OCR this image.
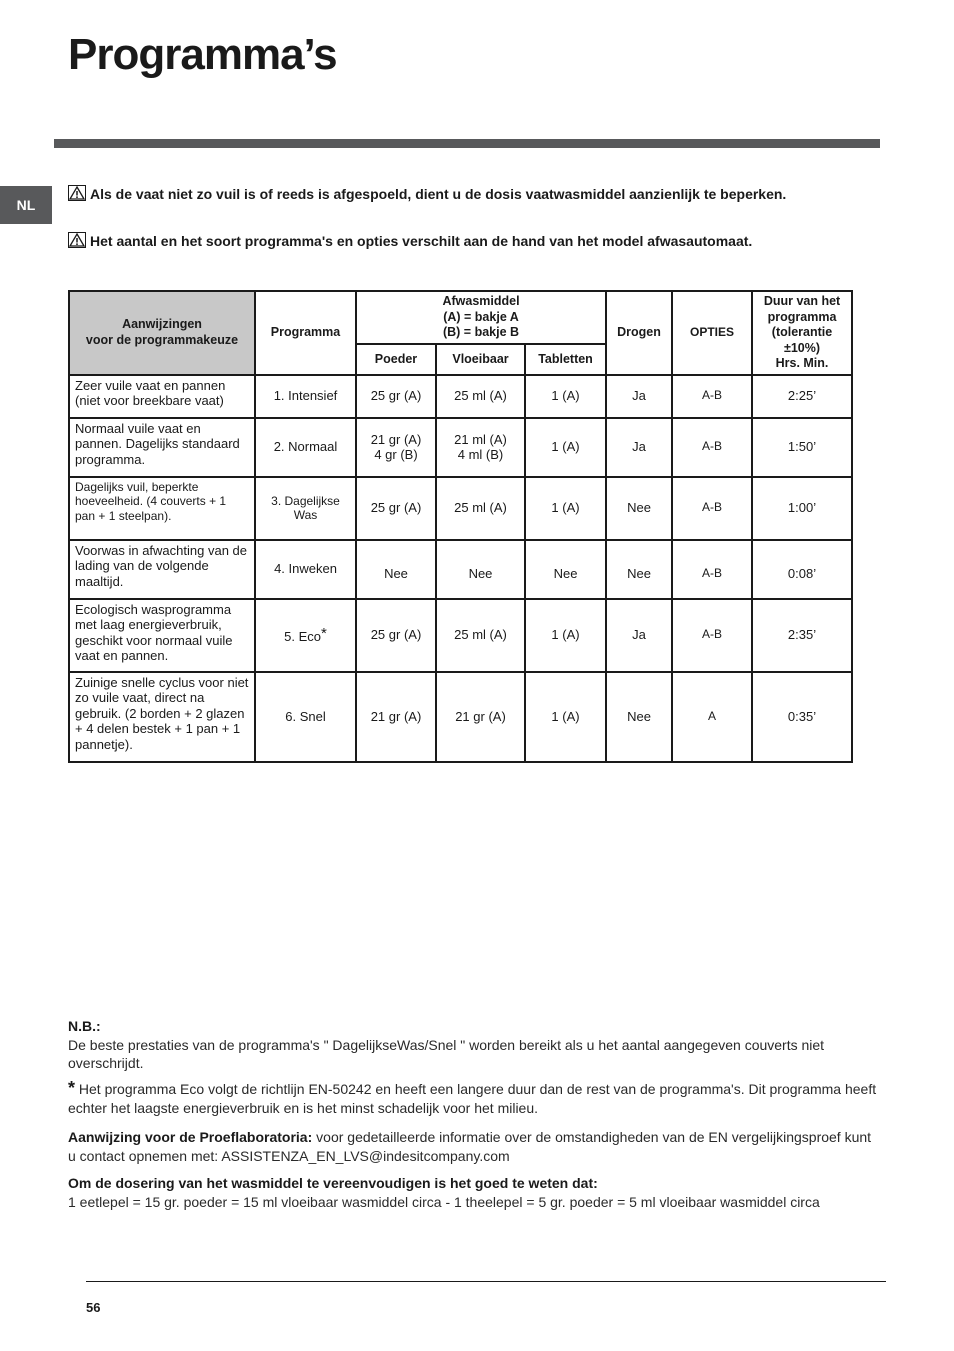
Programma’s
NL
Als de vaat niet zo vuil is of reeds is afgespoeld, dient u de dosis vaatwasmiddel aanzienlijk te beperken.
Het aantal en het soort programma's en opties verschilt aan de hand van het model afwasautomaat.
Aanwijzingen
voor de programmakeuze	Programma	Afwasmiddel
(A) = bakje A
(B) = bakje B			Drogen	OPTIES	Duur van het
programma
(tolerantie
±10%)
Hrs. Min.
		Poeder	Vloeibaar	Tabletten			
Zeer vuile vaat en pannen (niet voor breekbare vaat)	1. Intensief	25 gr (A)	25 ml (A)	1 (A)	Ja	A-B	2:25’
Normaal vuile vaat en pannen. Dagelijks standaard programma.	2. Normaal	21 gr (A)
4 gr (B)	21 ml (A)
4 ml (B)	1 (A)	Ja	A-B	1:50’
Dagelijks vuil, beperkte hoeveelheid. (4 couverts + 1 pan + 1 steelpan).	3. Dagelijkse
Was	25 gr (A)	25 ml (A)	1 (A)	Nee	A-B	1:00’
Voorwas in afwachting van de lading van de volgende maaltijd.	4. Inweken	Nee	Nee	Nee	Nee	A-B	0:08’
Ecologisch wasprogramma met laag energieverbruik, geschikt voor normaal vuile vaat en pannen.	5. Eco*	25 gr (A)	25 ml (A)	1 (A)	Ja	A-B	2:35’
Zuinige snelle cyclus voor niet zo vuile vaat, direct na gebruik. (2 borden + 2 glazen + 4 delen bestek + 1 pan + 1 pannetje).	6. Snel	21 gr (A)	21 gr (A)	1 (A)	Nee	A	0:35’
N.B.:
De beste prestaties van de programma's " DagelijkseWas/Snel " worden bereikt als u het aantal aangegeven couverts niet overschrijdt.
* Het programma Eco volgt de richtlijn EN-50242 en heeft een langere duur dan de rest van de programma's. Dit programma heeft echter het laagste energieverbruik en is het minst schadelijk voor het milieu.
Aanwijzing voor de Proeflaboratoria: voor gedetailleerde informatie over de omstandigheden van de EN vergelijkingsproef kunt u contact opnemen met: ASSISTENZA_EN_LVS@indesitcompany.com
Om de dosering van het wasmiddel te vereenvoudigen is het goed te weten dat:
1 eetlepel = 15 gr. poeder = 15 ml vloeibaar wasmiddel circa - 1 theelepel = 5 gr. poeder = 5 ml vloeibaar wasmiddel circa
56
